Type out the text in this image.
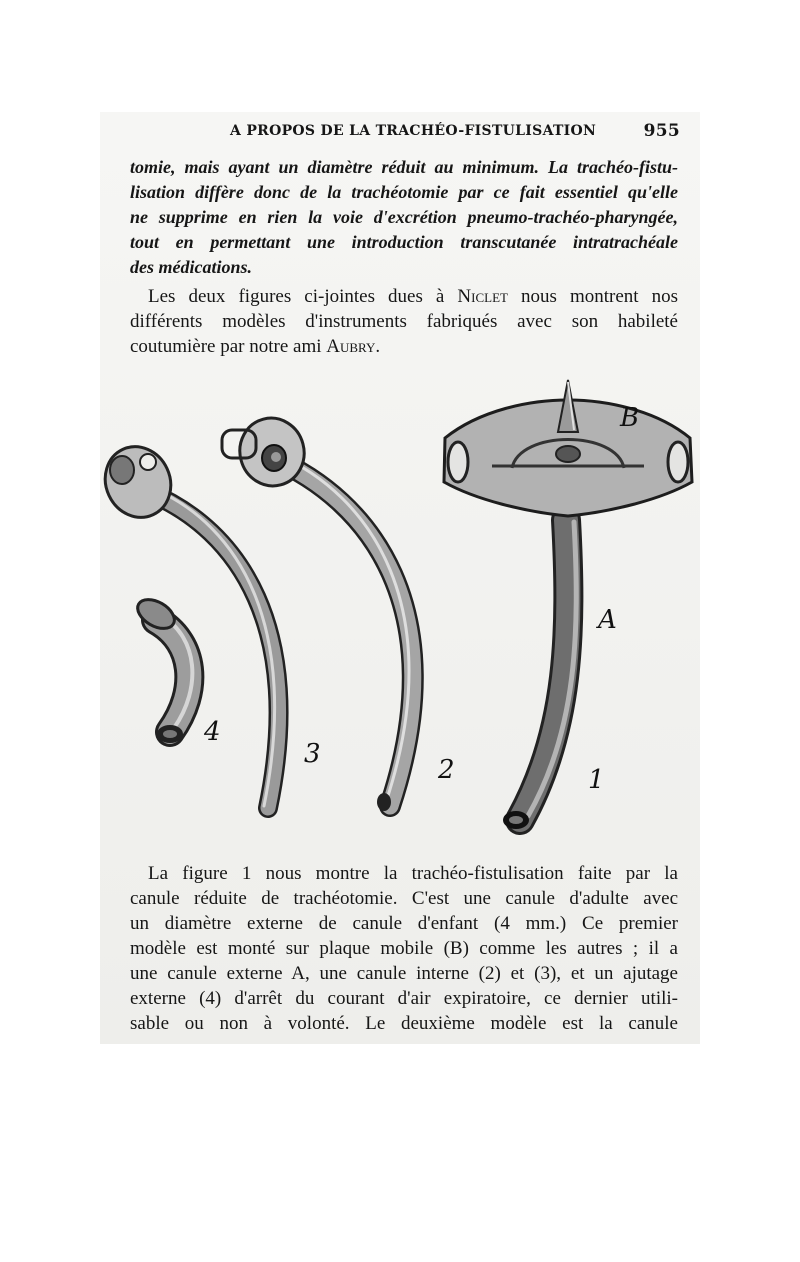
A PROPOS DE LA TRACHÉO-FISTULISATION	955
tomie, mais ayant un diamètre réduit au minimum. La trachéo-fistu-
lisation diffère donc de la trachéotomie par ce fait essentiel qu'elle
ne supprime en rien la voie d'excrétion pneumo-trachéo-pharyngée,
tout en permettant une introduction transcutanée intratrachéale
des médications.
Les deux figures ci-jointes dues à Niclet nous montrent nos
différents modèles d'instruments fabriqués avec son habileté
coutumière par notre ami Aubry.
B
A
1
2
3
4
La figure 1 nous montre la trachéo-fistulisation faite par la
canule réduite de trachéotomie. C'est une canule d'adulte avec
un diamètre externe de canule d'enfant (4 mm.) Ce premier
modèle est monté sur plaque mobile (B) comme les autres ; il a
une canule externe A, une canule interne (2) et (3), et un ajutage
externe (4) d'arrêt du courant d'air expiratoire, ce dernier utili-
sable ou non à volonté. Le deuxième modèle est la canule
